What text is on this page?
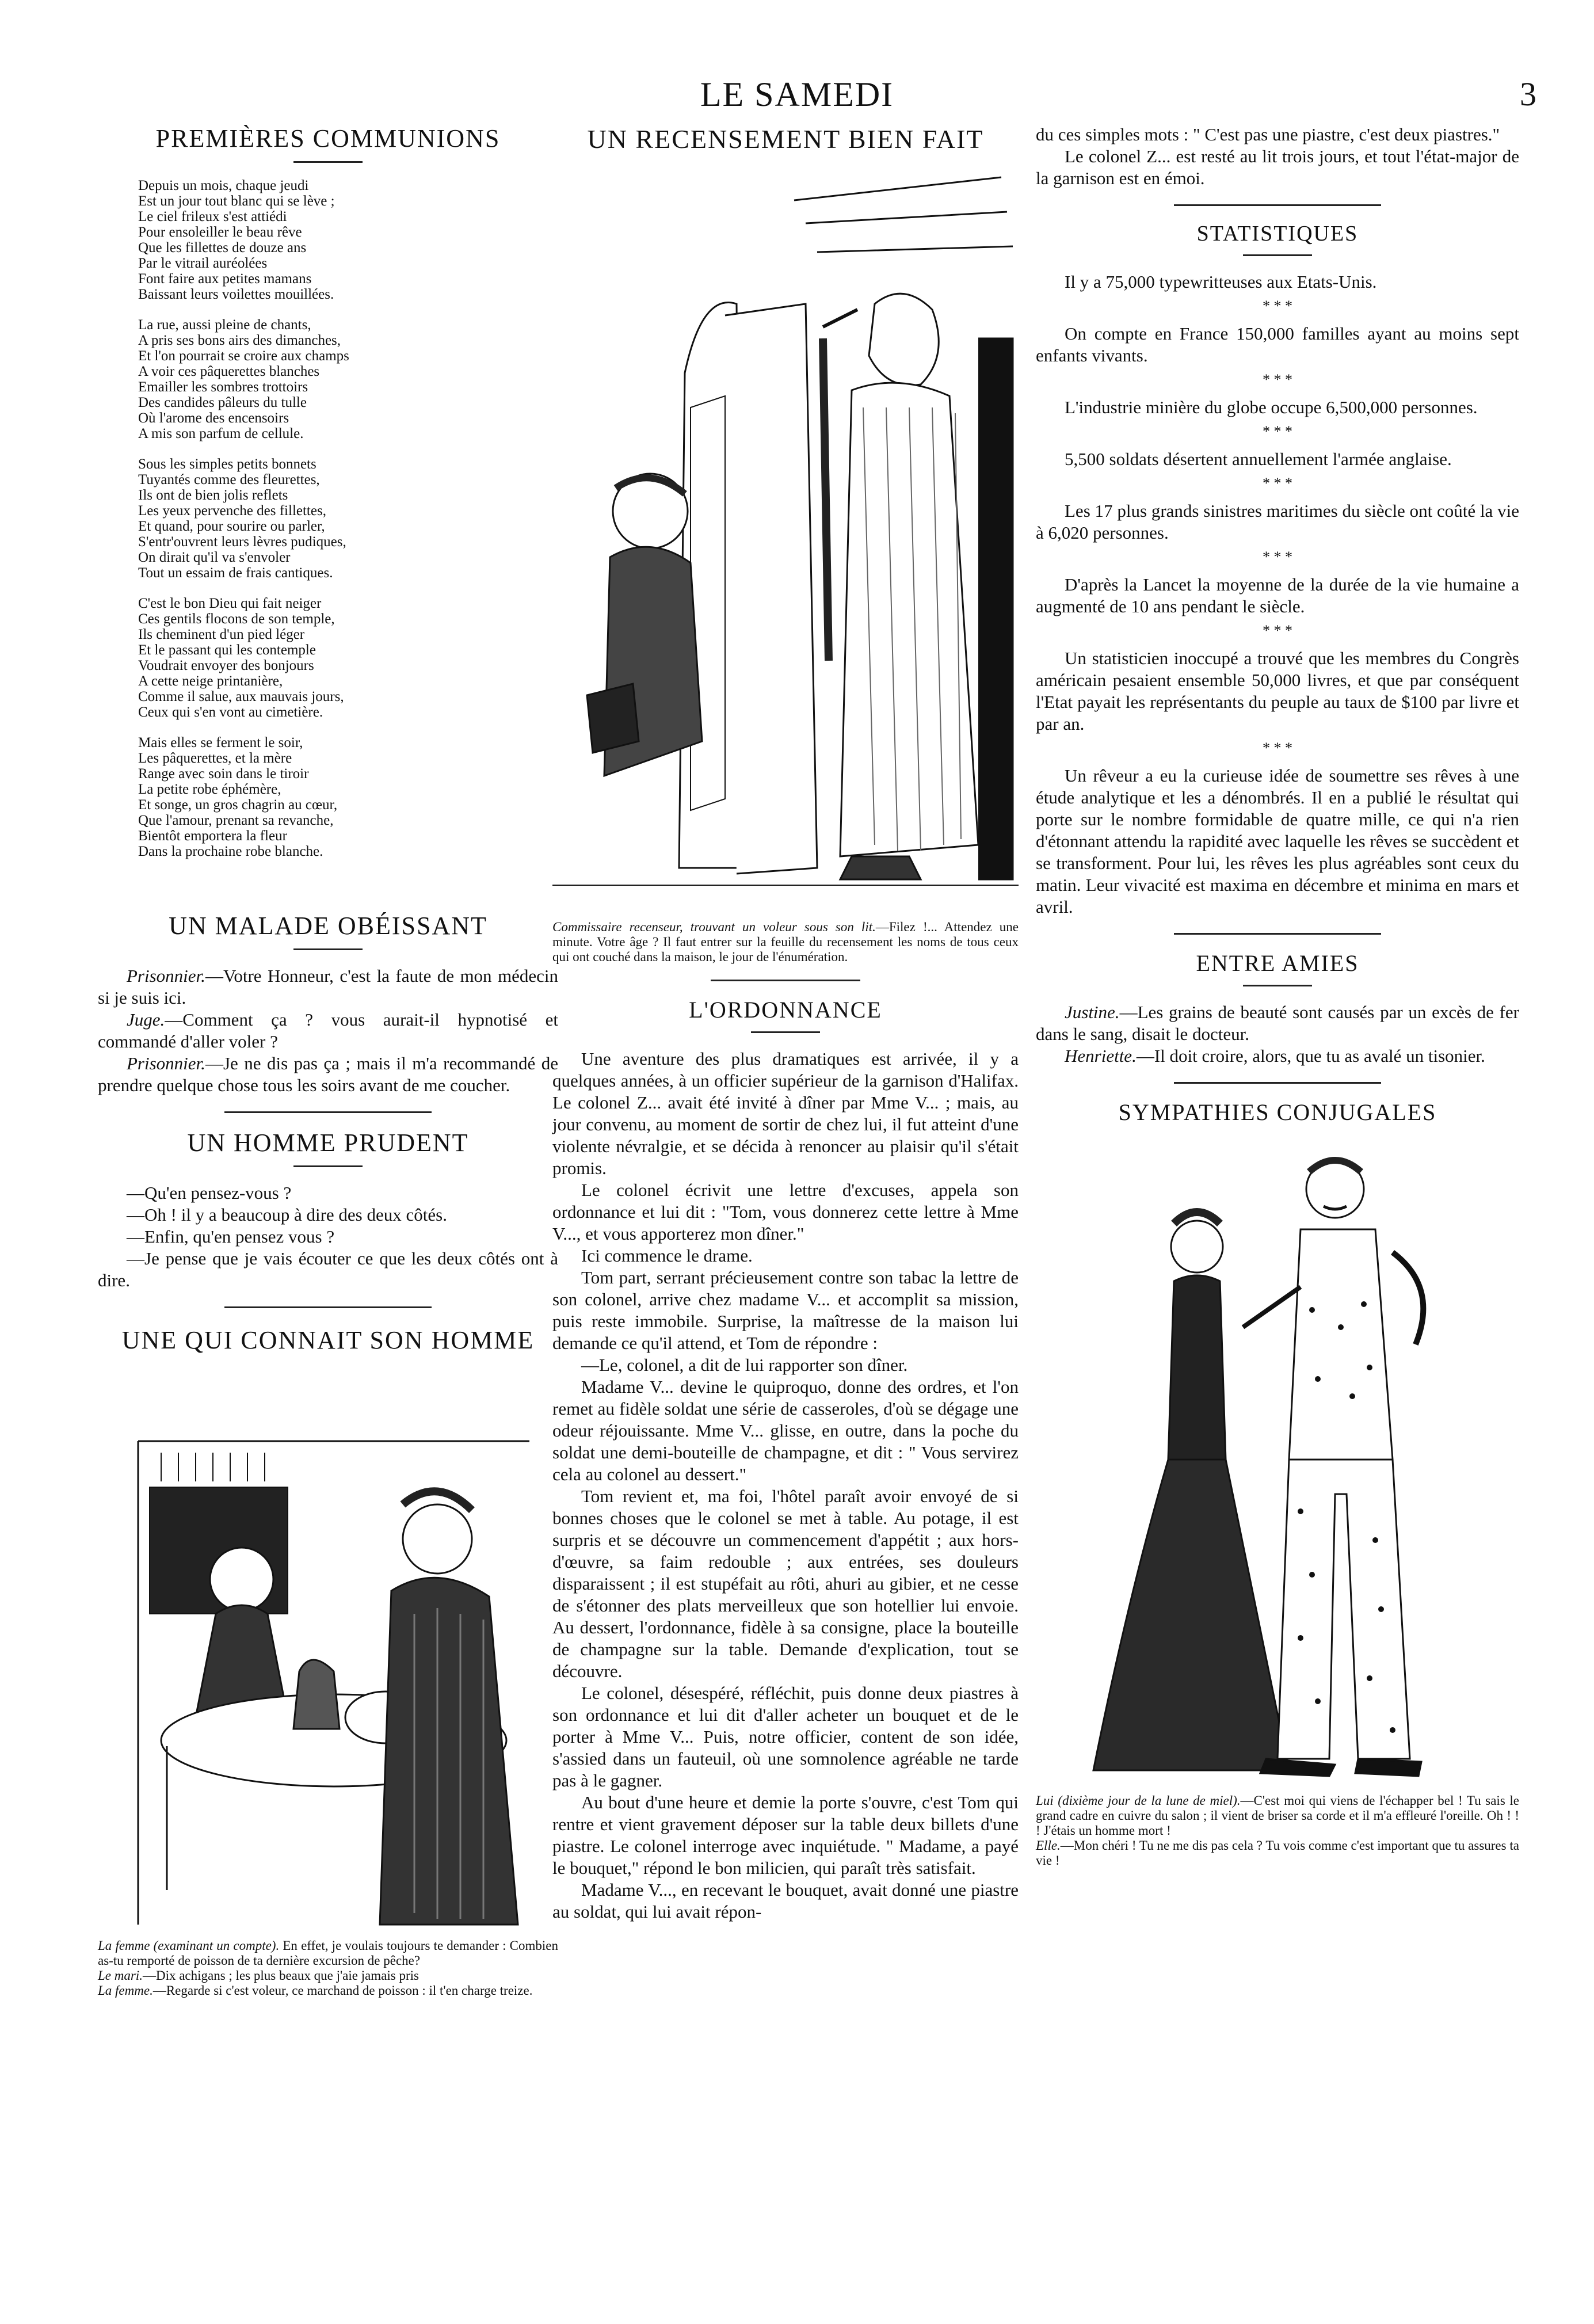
LE SAMEDI	3
PREMIÈRES COMMUNIONS
Depuis un mois, chaque jeudi
Est un jour tout blanc qui se lève ;
Le ciel frileux s'est attiédi
Pour ensoleiller le beau rêve
Que les fillettes de douze ans
Par le vitrail auréolées
Font faire aux petites mamans
Baissant leurs voilettes mouillées.
La rue, aussi pleine de chants,
A pris ses bons airs des dimanches,
Et l'on pourrait se croire aux champs
A voir ces pâquerettes blanches
Emailler les sombres trottoirs
Des candides pâleurs du tulle
Où l'arome des encensoirs
A mis son parfum de cellule.
Sous les simples petits bonnets
Tuyantés comme des fleurettes,
Ils ont de bien jolis reflets
Les yeux pervenche des fillettes,
Et quand, pour sourire ou parler,
S'entr'ouvrent leurs lèvres pudiques,
On dirait qu'il va s'envoler
Tout un essaim de frais cantiques.
C'est le bon Dieu qui fait neiger
Ces gentils flocons de son temple,
Ils cheminent d'un pied léger
Et le passant qui les contemple
Voudrait envoyer des bonjours
A cette neige printanière,
Comme il salue, aux mauvais jours,
Ceux qui s'en vont au cimetière.
Mais elles se ferment le soir,
Les pâquerettes, et la mère
Range avec soin dans le tiroir
La petite robe éphémère,
Et songe, un gros chagrin au cœur,
Que l'amour, prenant sa revanche,
Bientôt emportera la fleur
Dans la prochaine robe blanche.
UN MALADE OBÉISSANT

Prisonnier.—Votre Honneur, c'est la faute de mon médecin si je suis ici.

Juge.—Comment ça ? vous aurait-il hypnotisé et commandé d'aller voler ?

Prisonnier.—Je ne dis pas ça ; mais il m'a recommandé de prendre quelque chose tous les soirs avant de me coucher.

UN HOMME PRUDENT

—Qu'en pensez-vous ?

—Oh ! il y a beaucoup à dire des deux côtés.

—Enfin, qu'en pensez vous ?

—Je pense que je vais écouter ce que les deux côtés ont à dire.

UNE QUI CONNAIT SON HOMME
La femme (examinant un compte). En effet, je voulais toujours te demander : Combien as-tu remporté de poisson de ta dernière excursion de pêche?
Le mari.—Dix achigans ; les plus beaux que j'aie jamais pris
La femme.—Regarde si c'est voleur, ce marchand de poisson : il t'en charge treize.
UN RECENSEMENT BIEN FAIT
Commissaire recenseur, trouvant un voleur sous son lit.—Filez !... Attendez une minute. Votre âge ? Il faut entrer sur la feuille du recensement les noms de tous ceux qui ont couché dans la maison, le jour de l'énumération.
L'ORDONNANCE

Une aventure des plus dramatiques est arrivée, il y a quelques années, à un officier supérieur de la garnison d'Halifax. Le colonel Z... avait été invité à dîner par Mme V... ; mais, au jour convenu, au moment de sortir de chez lui, il fut atteint d'une violente névralgie, et se décida à renoncer au plaisir qu'il s'était promis.

Le colonel écrivit une lettre d'excuses, appela son ordonnance et lui dit : "Tom, vous donnerez cette lettre à Mme V..., et vous apporterez mon dîner."

Ici commence le drame.

Tom part, serrant précieusement contre son tabac la lettre de son colonel, arrive chez madame V... et accomplit sa mission, puis reste immobile. Surprise, la maîtresse de la maison lui demande ce qu'il attend, et Tom de répondre :

—Le, colonel, a dit de lui rapporter son dîner.

Madame V... devine le quiproquo, donne des ordres, et l'on remet au fidèle soldat une série de casseroles, d'où se dégage une odeur réjouissante. Mme V... glisse, en outre, dans la poche du soldat une demi-bouteille de champagne, et dit : " Vous servirez cela au colonel au dessert."

Tom revient et, ma foi, l'hôtel paraît avoir envoyé de si bonnes choses que le colonel se met à table. Au potage, il est surpris et se découvre un commencement d'appétit ; aux hors-d'œuvre, sa faim redouble ; aux entrées, ses douleurs disparaissent ; il est stupéfait au rôti, ahuri au gibier, et ne cesse de s'étonner des plats merveilleux que son hotellier lui envoie. Au dessert, l'ordonnance, fidèle à sa consigne, place la bouteille de champagne sur la table. Demande d'explication, tout se découvre.

Le colonel, désespéré, réfléchit, puis donne deux piastres à son ordonnance et lui dit d'aller acheter un bouquet et de le porter à Mme V... Puis, notre officier, content de son idée, s'assied dans un fauteuil, où une somnolence agréable ne tarde pas à le gagner.

Au bout d'une heure et demie la porte s'ouvre, c'est Tom qui rentre et vient gravement déposer sur la table deux billets d'une piastre. Le colonel interroge avec inquiétude. " Madame, a payé le bouquet," répond le bon milicien, qui paraît très satisfait.

Madame V..., en recevant le bouquet, avait donné une piastre au soldat, qui lui avait répon-

du ces simples mots : " C'est pas une piastre, c'est deux piastres."

Le colonel Z... est resté au lit trois jours, et tout l'état-major de la garnison est en émoi.

STATISTIQUES

Il y a 75,000 typewritteuses aux Etats-Unis.

* * *

On compte en France 150,000 familles ayant au moins sept enfants vivants.

* * *

L'industrie minière du globe occupe 6,500,000 personnes.

* * *

5,500 soldats désertent annuellement l'armée anglaise.

* * *

Les 17 plus grands sinistres maritimes du siècle ont coûté la vie à 6,020 personnes.

* * *

D'après la Lancet la moyenne de la durée de la vie humaine a augmenté de 10 ans pendant le siècle.

* * *

Un statisticien inoccupé a trouvé que les membres du Congrès américain pesaient ensemble 50,000 livres, et que par conséquent l'Etat payait les représentants du peuple au taux de $100 par livre et par an.

* * *

Un rêveur a eu la curieuse idée de soumettre ses rêves à une étude analytique et les a dénombrés. Il en a publié le résultat qui porte sur le nombre formidable de quatre mille, ce qui n'a rien d'étonnant attendu la rapidité avec laquelle les rêves se succèdent et se transforment. Pour lui, les rêves les plus agréables sont ceux du matin. Leur vivacité est maxima en décembre et minima en mars et avril.

ENTRE AMIES

Justine.—Les grains de beauté sont causés par un excès de fer dans le sang, disait le docteur.

Henriette.—Il doit croire, alors, que tu as avalé un tisonier.

SYMPATHIES CONJUGALES
Lui (dixième jour de la lune de miel).—C'est moi qui viens de l'échapper bel ! Tu sais le grand cadre en cuivre du salon ; il vient de briser sa corde et il m'a effleuré l'oreille. Oh ! ! ! J'étais un homme mort !
Elle.—Mon chéri ! Tu ne me dis pas cela ? Tu vois comme c'est important que tu assures ta vie !
